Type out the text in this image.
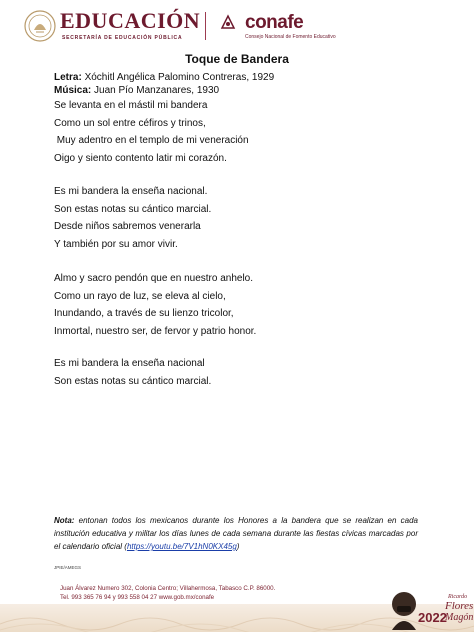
EDUCACIÓN
SECRETARÍA DE EDUCACIÓN PÚBLICA
conafe
Consejo Nacional de Fomento Educativo
Toque de Bandera
Letra: Xóchitl Angélica Palomino Contreras, 1929
Música: Juan Pío Manzanares, 1930
Se levanta en el mástil mi bandera
Como un sol entre céfiros y trinos,
Muy adentro en el templo de mi veneración
Oigo y siento contento latir mi corazón.
Es mi bandera la enseña nacional.
Son estas notas su cántico marcial.
Desde niños sabremos venerarla
Y también por su amor vivir.
Almo y sacro pendón que en nuestro anhelo.
Como un rayo de luz, se eleva al cielo,
Inundando, a través de su lienzo tricolor,
Inmortal, nuestro ser, de fervor y patrio honor.
Es mi bandera la enseña nacional
Son estas notas su cántico marcial.
Nota: entonan todos los mexicanos durante los Honores a la bandera que se realizan en cada institución educativa y militar los días lunes de cada semana durante las fiestas cívicas marcadas por el calendario oficial (https://youtu.be/7V1hN0KX45g)
JPIE/AMEGS
Juan Álvarez Numero 302, Colonia Centro; Villahermosa, Tabasco C.P. 86000.
Tel. 993 365 76 94 y 993 558 04 27 www.gob.mx/conafe
2022
Ricardo
Flores
Magón
